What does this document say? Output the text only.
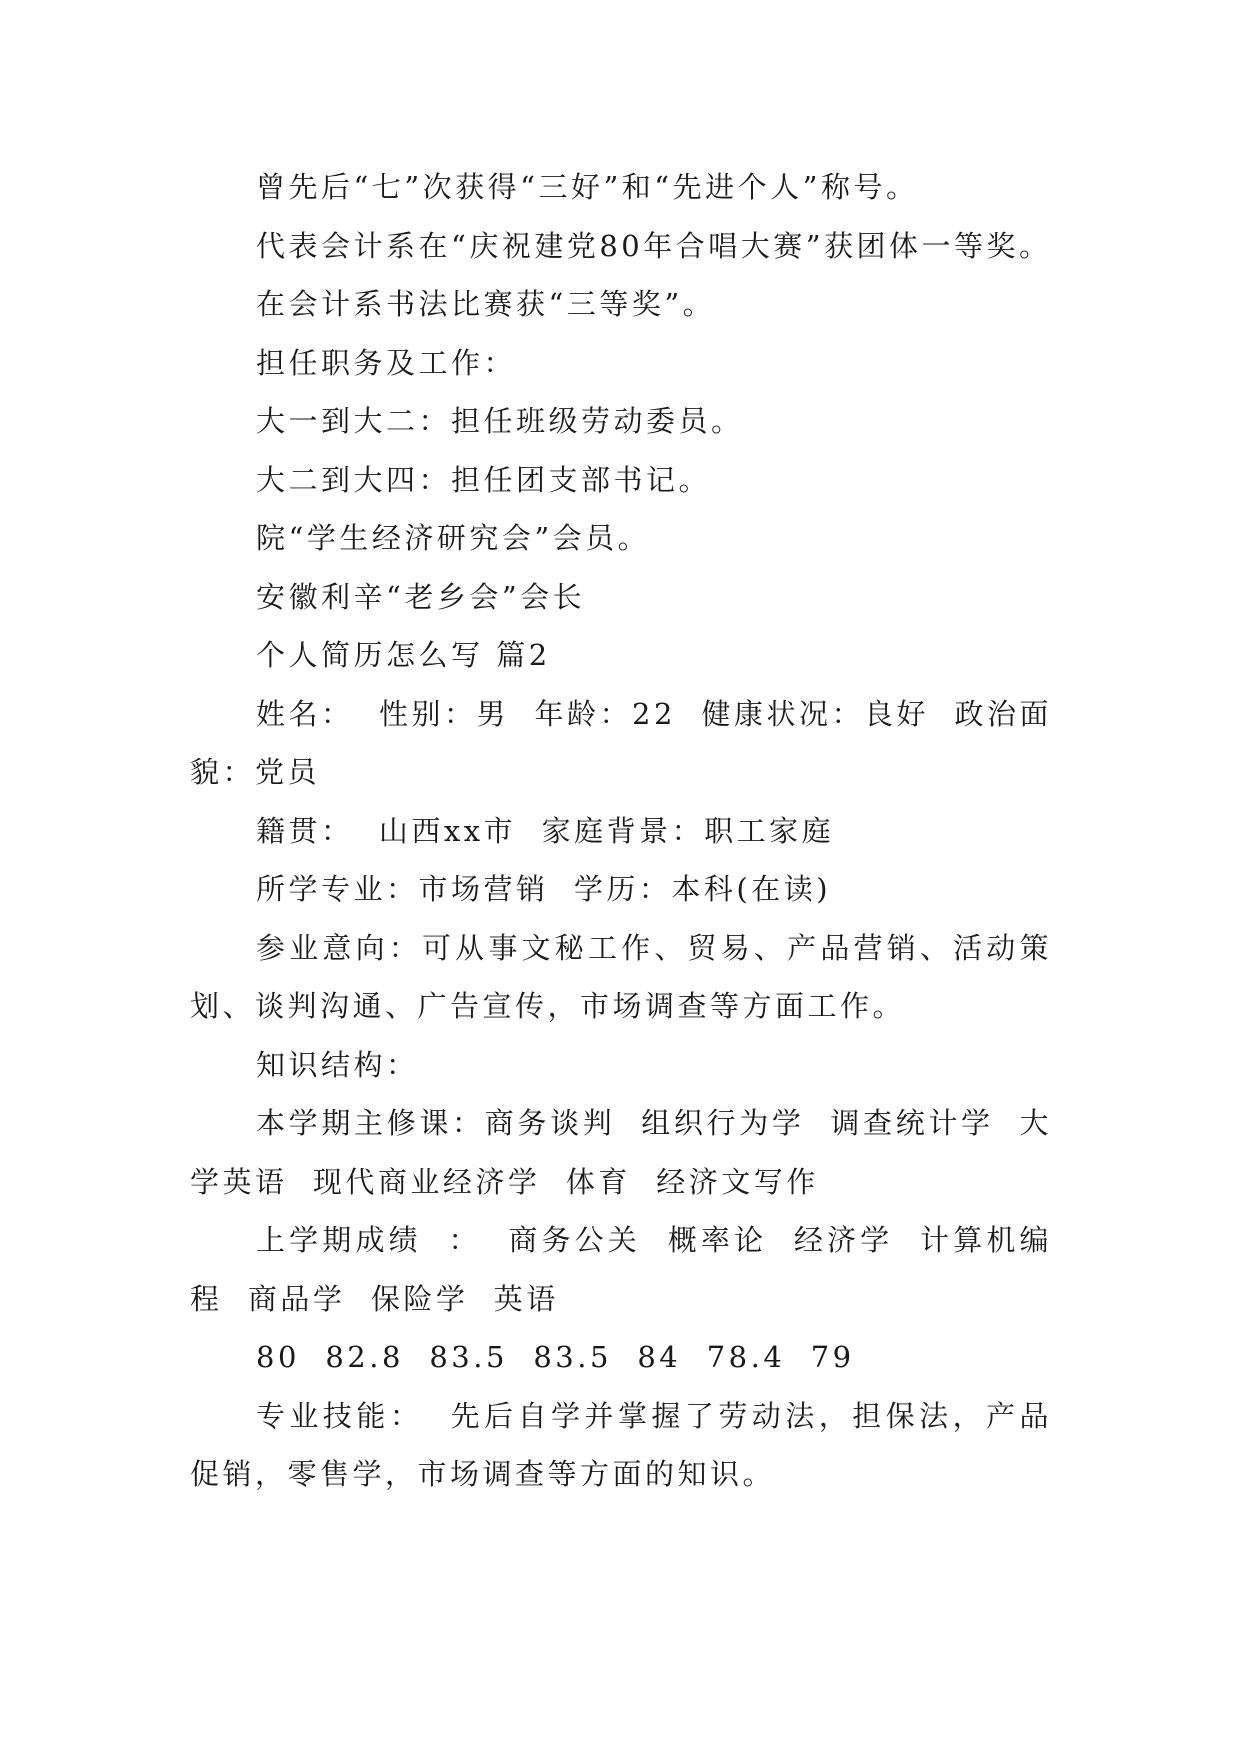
曾先后“七”次获得“三好”和“先进个人”称号。

代表会计系在“庆祝建党80年合唱大赛”获团体一等奖。

在会计系书法比赛获“三等奖”。

担任职务及工作：

大一到大二：担任班级劳动委员。

大二到大四：担任团支部书记。

院“学生经济研究会”会员。

安徽利辛“老乡会”会长

个人简历怎么写 篇2

姓名：  性别：男  年龄：22  健康状况：良好  政治面貌：党员

籍贯：  山西xx市  家庭背景：职工家庭

所学专业：市场营销  学历：本科(在读)

参业意向：可从事文秘工作、贸易、产品营销、活动策划、谈判沟通、广告宣传，市场调查等方面工作。

知识结构：

本学期主修课：商务谈判  组织行为学  调查统计学  大学英语  现代商业经济学  体育  经济文写作

上学期成绩  ：  商务公关  概率论  经济学  计算机编程  商品学  保险学  英语

80  82.8  83.5  83.5  84  78.4  79

专业技能：  先后自学并掌握了劳动法，担保法，产品促销，零售学，市场调查等方面的知识。
